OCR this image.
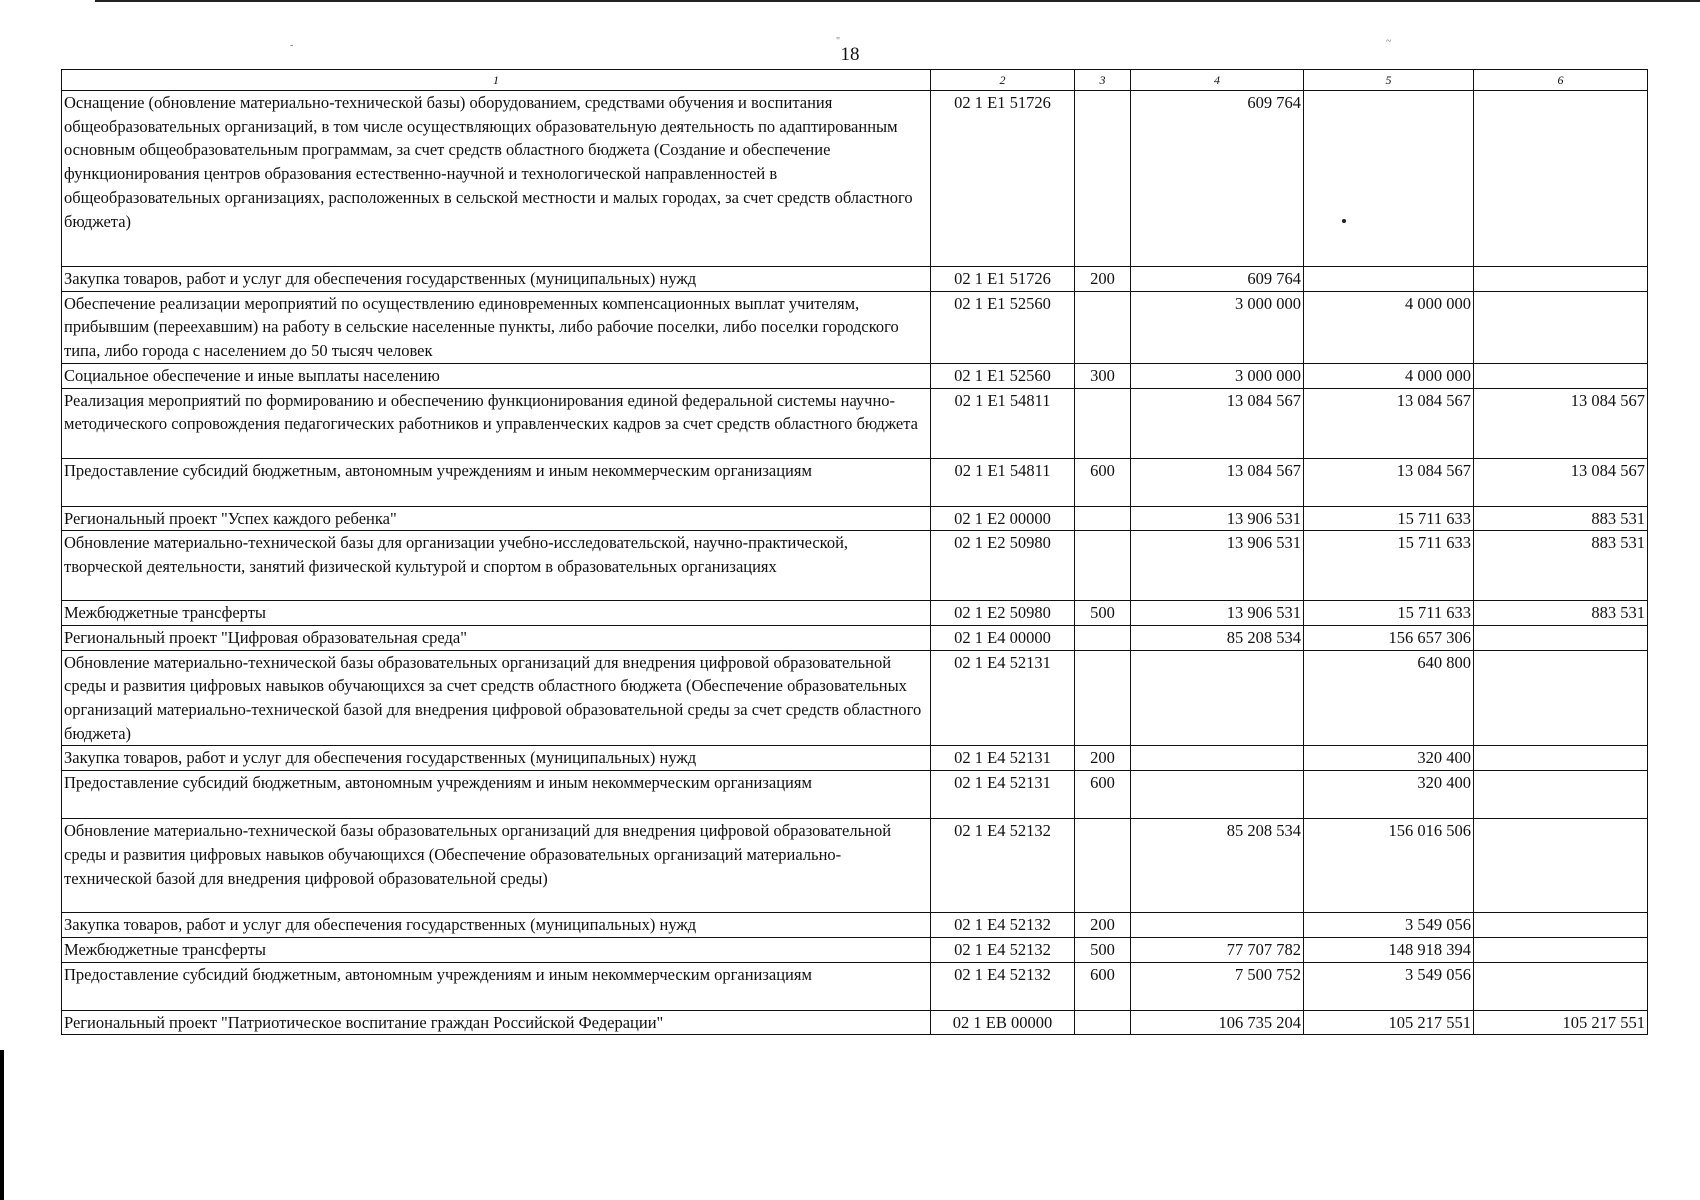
-	"	~
18
1	2	3	4	5	6
Оснащение (обновление материально-технической базы) оборудованием, средствами обучения и воспитания общеобразовательных организаций, в том числе осуществляющих образовательную деятельность по адаптированным основным общеобразовательным программам, за счет средств областного бюджета (Создание и обеспечение функционирования центров образования естественно-научной и технологической направленностей в общеобразовательных организациях, расположенных в сельской местности и малых городах, за счет средств областного бюджета)	02 1 E1 51726		609 764		
Закупка товаров, работ и услуг для обеспечения государственных (муниципальных) нужд	02 1 E1 51726	200	609 764		
Обеспечение реализации мероприятий по осуществлению единовременных компенсационных выплат учителям, прибывшим (переехавшим) на работу в сельские населенные пункты, либо рабочие поселки, либо поселки городского типа, либо города с населением до 50 тысяч человек	02 1 E1 52560		3 000 000	4 000 000	
Социальное обеспечение и иные выплаты населению	02 1 E1 52560	300	3 000 000	4 000 000	
Реализация мероприятий по формированию и обеспечению функционирования единой федеральной системы научно-методического сопровождения педагогических работников и управленческих кадров за счет средств областного бюджета	02 1 E1 54811		13 084 567	13 084 567	13 084 567
Предоставление субсидий бюджетным, автономным учреждениям и иным некоммерческим организациям	02 1 E1 54811	600	13 084 567	13 084 567	13 084 567
Региональный проект "Успех каждого ребенка"	02 1 E2 00000		13 906 531	15 711 633	883 531
Обновление материально-технической базы для организации учебно-исследовательской, научно-практической, творческой деятельности, занятий физической культурой и спортом в образовательных организациях	02 1 E2 50980		13 906 531	15 711 633	883 531
Межбюджетные трансферты	02 1 E2 50980	500	13 906 531	15 711 633	883 531
Региональный проект "Цифровая образовательная среда"	02 1 E4 00000		85 208 534	156 657 306	
Обновление материально-технической базы образовательных организаций для внедрения цифровой образовательной среды и развития цифровых навыков обучающихся за счет средств областного бюджета (Обеспечение образовательных организаций материально-технической базой для внедрения цифровой образовательной среды за счет средств областного бюджета)	02 1 E4 52131			640 800	
Закупка товаров, работ и услуг для обеспечения государственных (муниципальных) нужд	02 1 E4 52131	200		320 400	
Предоставление субсидий бюджетным, автономным учреждениям и иным некоммерческим организациям	02 1 E4 52131	600		320 400	
Обновление материально-технической базы образовательных организаций для внедрения цифровой образовательной среды и развития цифровых навыков обучающихся (Обеспечение образовательных организаций материально-технической базой для внедрения цифровой образовательной среды)	02 1 E4 52132		85 208 534	156 016 506	
Закупка товаров, работ и услуг для обеспечения государственных (муниципальных) нужд	02 1 E4 52132	200		3 549 056	
Межбюджетные трансферты	02 1 E4 52132	500	77 707 782	148 918 394	
Предоставление субсидий бюджетным, автономным учреждениям и иным некоммерческим организациям	02 1 E4 52132	600	7 500 752	3 549 056	
Региональный проект "Патриотическое воспитание граждан Российской Федерации"	02 1 EB 00000		106 735 204	105 217 551	105 217 551
